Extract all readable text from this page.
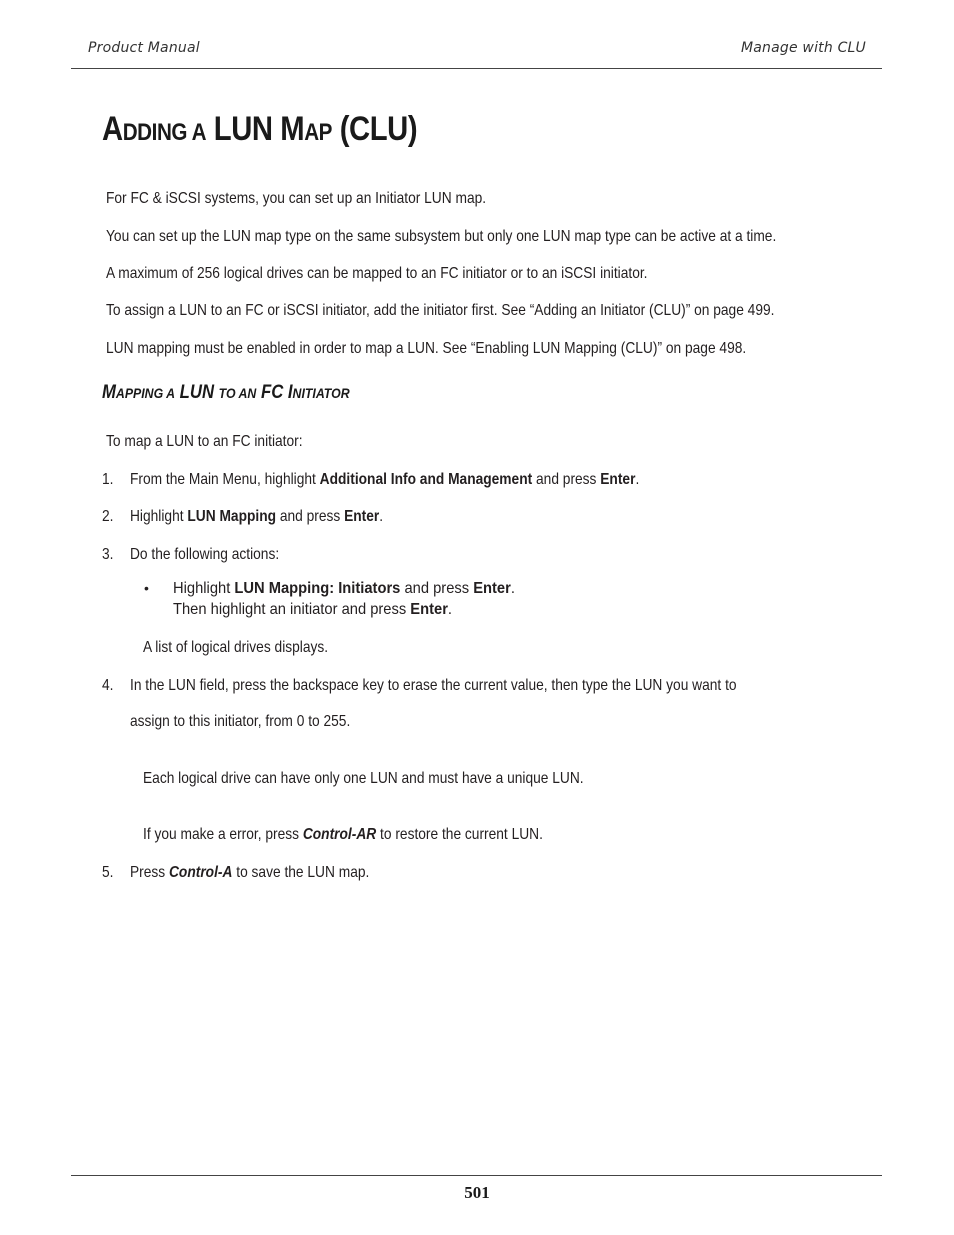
Product Manual	Manage with CLU
ADDING A LUN MAP (CLU)
For FC & iSCSI systems, you can set up an Initiator LUN map.
You can set up the LUN map type on the same subsystem but only one LUN map type can be active at a time.
A maximum of 256 logical drives can be mapped to an FC initiator or to an iSCSI initiator.
To assign a LUN to an FC or iSCSI initiator, add the initiator first. See “Adding an Initiator (CLU)” on page 499.
LUN mapping must be enabled in order to map a LUN. See “Enabling LUN Mapping (CLU)” on page 498.
MAPPING A LUN TO AN FC INITIATOR
To map a LUN to an FC initiator:
1. From the Main Menu, highlight Additional Info and Management and press Enter.
2. Highlight LUN Mapping and press Enter.
3. Do the following actions:
• Highlight LUN Mapping: Initiators and press Enter.
Then highlight an initiator and press Enter.
A list of logical drives displays.
4. In the LUN field, press the backspace key to erase the current value, then type the LUN you want to
assign to this initiator, from 0 to 255.
Each logical drive can have only one LUN and must have a unique LUN.
If you make a error, press Control-AR to restore the current LUN.
5. Press Control-A to save the LUN map.
501
